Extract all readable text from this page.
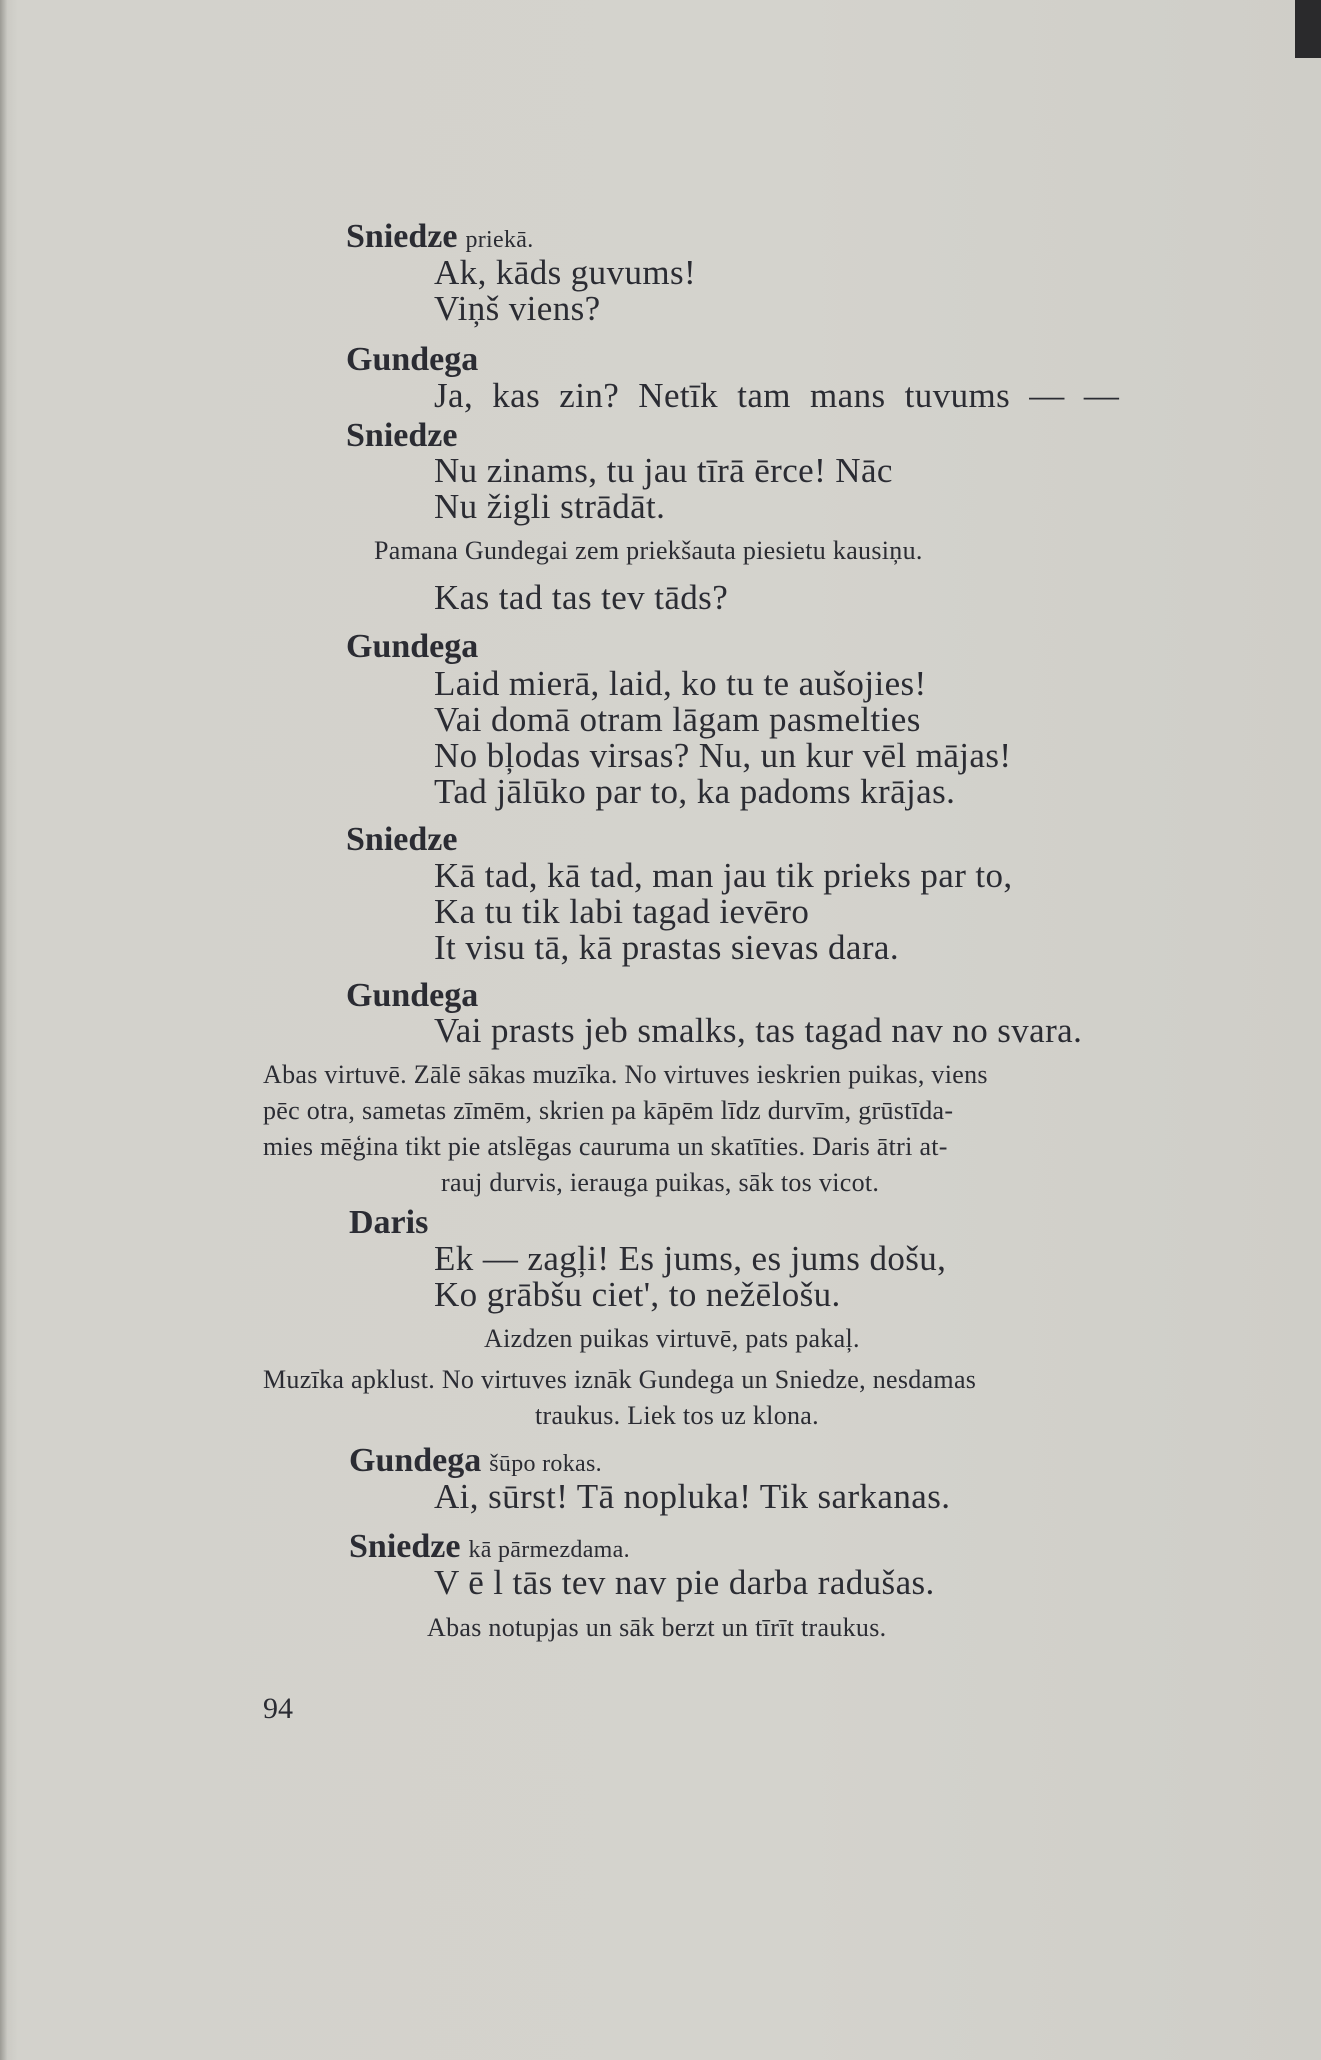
Sniedze priekā.
Ak, kāds guvums!
Viņš viens?
Gundega
Ja, kas zin? Netīk tam mans tuvums — —
Sniedze
Nu zinams, tu jau tīrā ērce! Nāc
Nu žigli strādāt.
Pamana Gundegai zem priekšauta piesietu kausiņu.
Kas tad tas tev tāds?
Gundega
Laid mierā, laid, ko tu te aušojies!
Vai domā otram lāgam pasmelties
No bļodas virsas? Nu, un kur vēl mājas!
Tad jālūko par to, ka padoms krājas.
Sniedze
Kā tad, kā tad, man jau tik prieks par to,
Ka tu tik labi tagad ievēro
It visu tā, kā prastas sievas dara.
Gundega
Vai prasts jeb smalks, tas tagad nav no svara.
Abas virtuvē. Zālē sākas muzīka. No virtuves ieskrien puikas, viens
pēc otra, sametas zīmēm, skrien pa kāpēm līdz durvīm, grūstīda-
mies mēģina tikt pie atslēgas cauruma un skatīties. Daris ātri at-
rauj durvis, ierauga puikas, sāk tos vicot.
Daris
Ek — zagļi! Es jums, es jums došu,
Ko grābšu ciet', to nežēlošu.
Aizdzen puikas virtuvē, pats pakaļ.
Muzīka apklust. No virtuves iznāk Gundega un Sniedze, nesdamas
traukus. Liek tos uz klona.
Gundega šūpo rokas.
Ai, sūrst! Tā nopluka! Tik sarkanas.
Sniedze kā pārmezdama.
V ē l tās tev nav pie darba radušas.
Abas notupjas un sāk berzt un tīrīt traukus.
94
